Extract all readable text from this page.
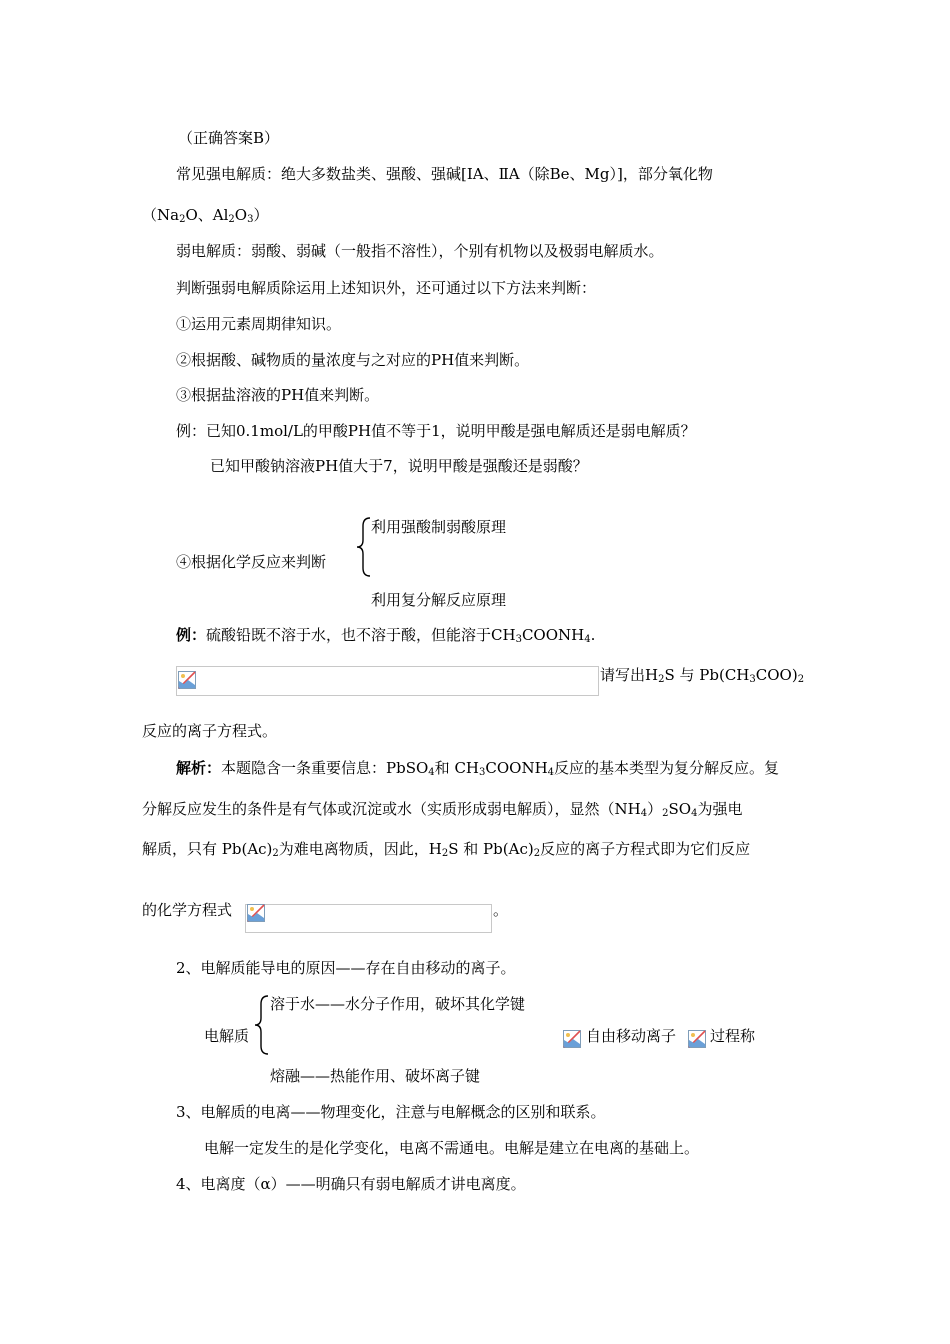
（正确答案B）
常见强电解质：绝大多数盐类、强酸、强碱[ⅠA、ⅡA（除Be、Mg）]，部分氧化物
（$Na_2O$、$Al_2O_3$）
弱电解质：弱酸、弱碱（一般指不溶性），个别有机物以及极弱电解质水。
判断强弱电解质除运用上述知识外，还可通过以下方法来判断：
①运用元素周期律知识。
②根据酸、碱物质的量浓度与之对应的PH值来判断。
③根据盐溶液的PH值来判断。
例：已知0.1mol/L的甲酸PH值不等于1，说明甲酸是强电解质还是弱电解质？
已知甲酸钠溶液PH值大于7，说明甲酸是强酸还是弱酸？
利用强酸制弱酸原理
④根据化学反应来判断
利用复分解反应原理
例：硫酸铅既不溶于水，也不溶于酸，但能溶于$CH_3COONH_4$.
请写出$H_2S$ 与 $Pb(CH_3COO)_2$
反应的离子方程式。
解析：本题隐含一条重要信息：PbSO$_4$和 $CH_3COONH_4$反应的基本类型为复分解反应。复
分解反应发生的条件是有气体或沉淀或水（实质形成弱电解质），显然$(NH_4)_2SO_4$为强电
解质，只有 $Pb(Ac)_2$为难电离物质，因此，$H_2S$ 和 $Pb(Ac)_2$反应的离子方程式即为它们反应
的化学方程式	。
2、电解质能导电的原因——存在自由移动的离子。
溶于水——水分子作用，破坏其化学键
电解质	自由移动离子 过程称
熔融——热能作用、破坏离子键
3、电解质的电离——物理变化，注意与电解概念的区别和联系。
电解一定发生的是化学变化，电离不需通电。电解是建立在电离的基础上。
4、电离度（α）——明确只有弱电解质才讲电离度。
